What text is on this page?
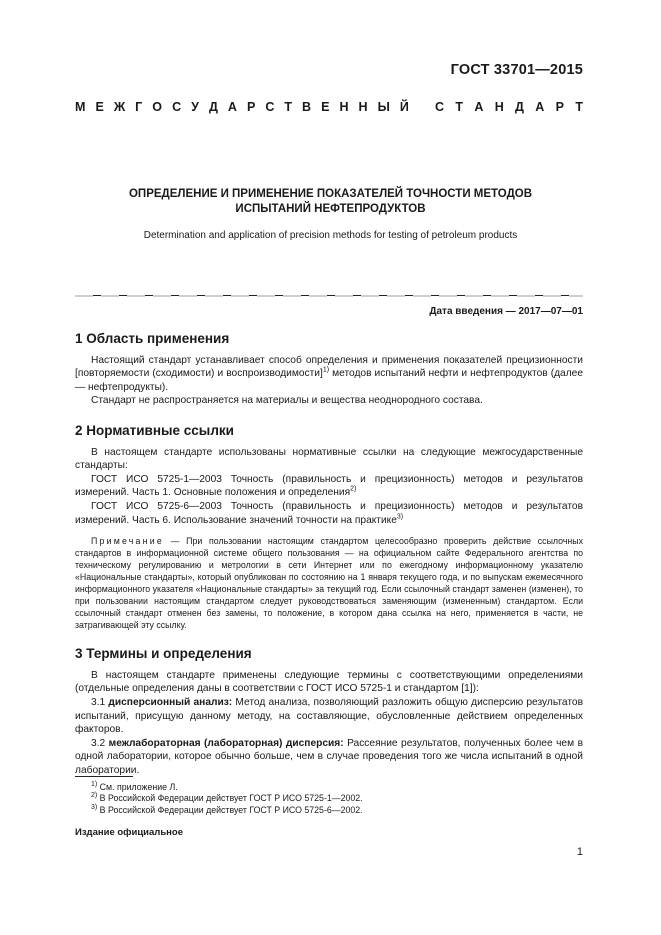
ГОСТ 33701—2015
М Е Ж Г О С У Д А Р С Т В Е Н Н Ы Й С Т А Н Д А Р Т
ОПРЕДЕЛЕНИЕ И ПРИМЕНЕНИЕ ПОКАЗАТЕЛЕЙ ТОЧНОСТИ МЕТОДОВ
ИСПЫТАНИЙ НЕФТЕПРОДУКТОВ
Determination and application of precision methods for testing of petroleum products
Дата введения — 2017—07—01
1 Область применения

Настоящий стандарт устанавливает способ определения и применения показателей прецизионности [повторяемости (сходимости) и воспроизводимости]$^{1)}$ методов испытаний нефти и нефтепродуктов (далее — нефтепродукты).

Стандарт не распространяется на материалы и вещества неоднородного состава.

2 Нормативные ссылки

В настоящем стандарте использованы нормативные ссылки на следующие межгосударственные стандарты:

ГОСТ ИСО 5725-1—2003 Точность (правильность и прецизионность) методов и результатов измерений. Часть 1. Основные положения и определения$^{2)}$

ГОСТ ИСО 5725-6—2003 Точность (правильность и прецизионность) методов и результатов измерений. Часть 6. Использование значений точности на практике$^{3)}$

Примечание — При пользовании настоящим стандартом целесообразно проверить действие ссылочных стандартов в информационной системе общего пользования — на официальном сайте Федерального агентства по техническому регулированию и метрологии в сети Интернет или по ежегодному информационному указателю «Национальные стандарты», который опубликован по состоянию на 1 января текущего года, и по выпускам ежемесячного информационного указателя «Национальные стандарты» за текущий год. Если ссылочный стандарт заменен (изменен), то при пользовании настоящим стандартом следует руководствоваться заменяющим (измененным) стандартом. Если ссылочный стандарт отменен без замены, то положение, в котором дана ссылка на него, применяется в части, не затрагивающей эту ссылку.

3 Термины и определения

В настоящем стандарте применены следующие термины с соответствующими определениями (отдельные определения даны в соответствии с ГОСТ ИСО 5725-1 и стандартом [1]):

3.1 дисперсионный анализ: Метод анализа, позволяющий разложить общую дисперсию результатов испытаний, присущую данному методу, на составляющие, обусловленные действием определенных факторов.

3.2 межлабораторная (лабораторная) дисперсия: Рассеяние результатов, полученных более чем в одной лаборатории, которое обычно больше, чем в случае проведения того же числа испытаний в одной лаборатории.

$^{1)}$ См. приложение Л.
$^{2)}$ В Российской Федерации действует ГОСТ Р ИСО 5725-1—2002.
$^{3)}$ В Российской Федерации действует ГОСТ Р ИСО 5725-6—2002.
Издание официальное
1
